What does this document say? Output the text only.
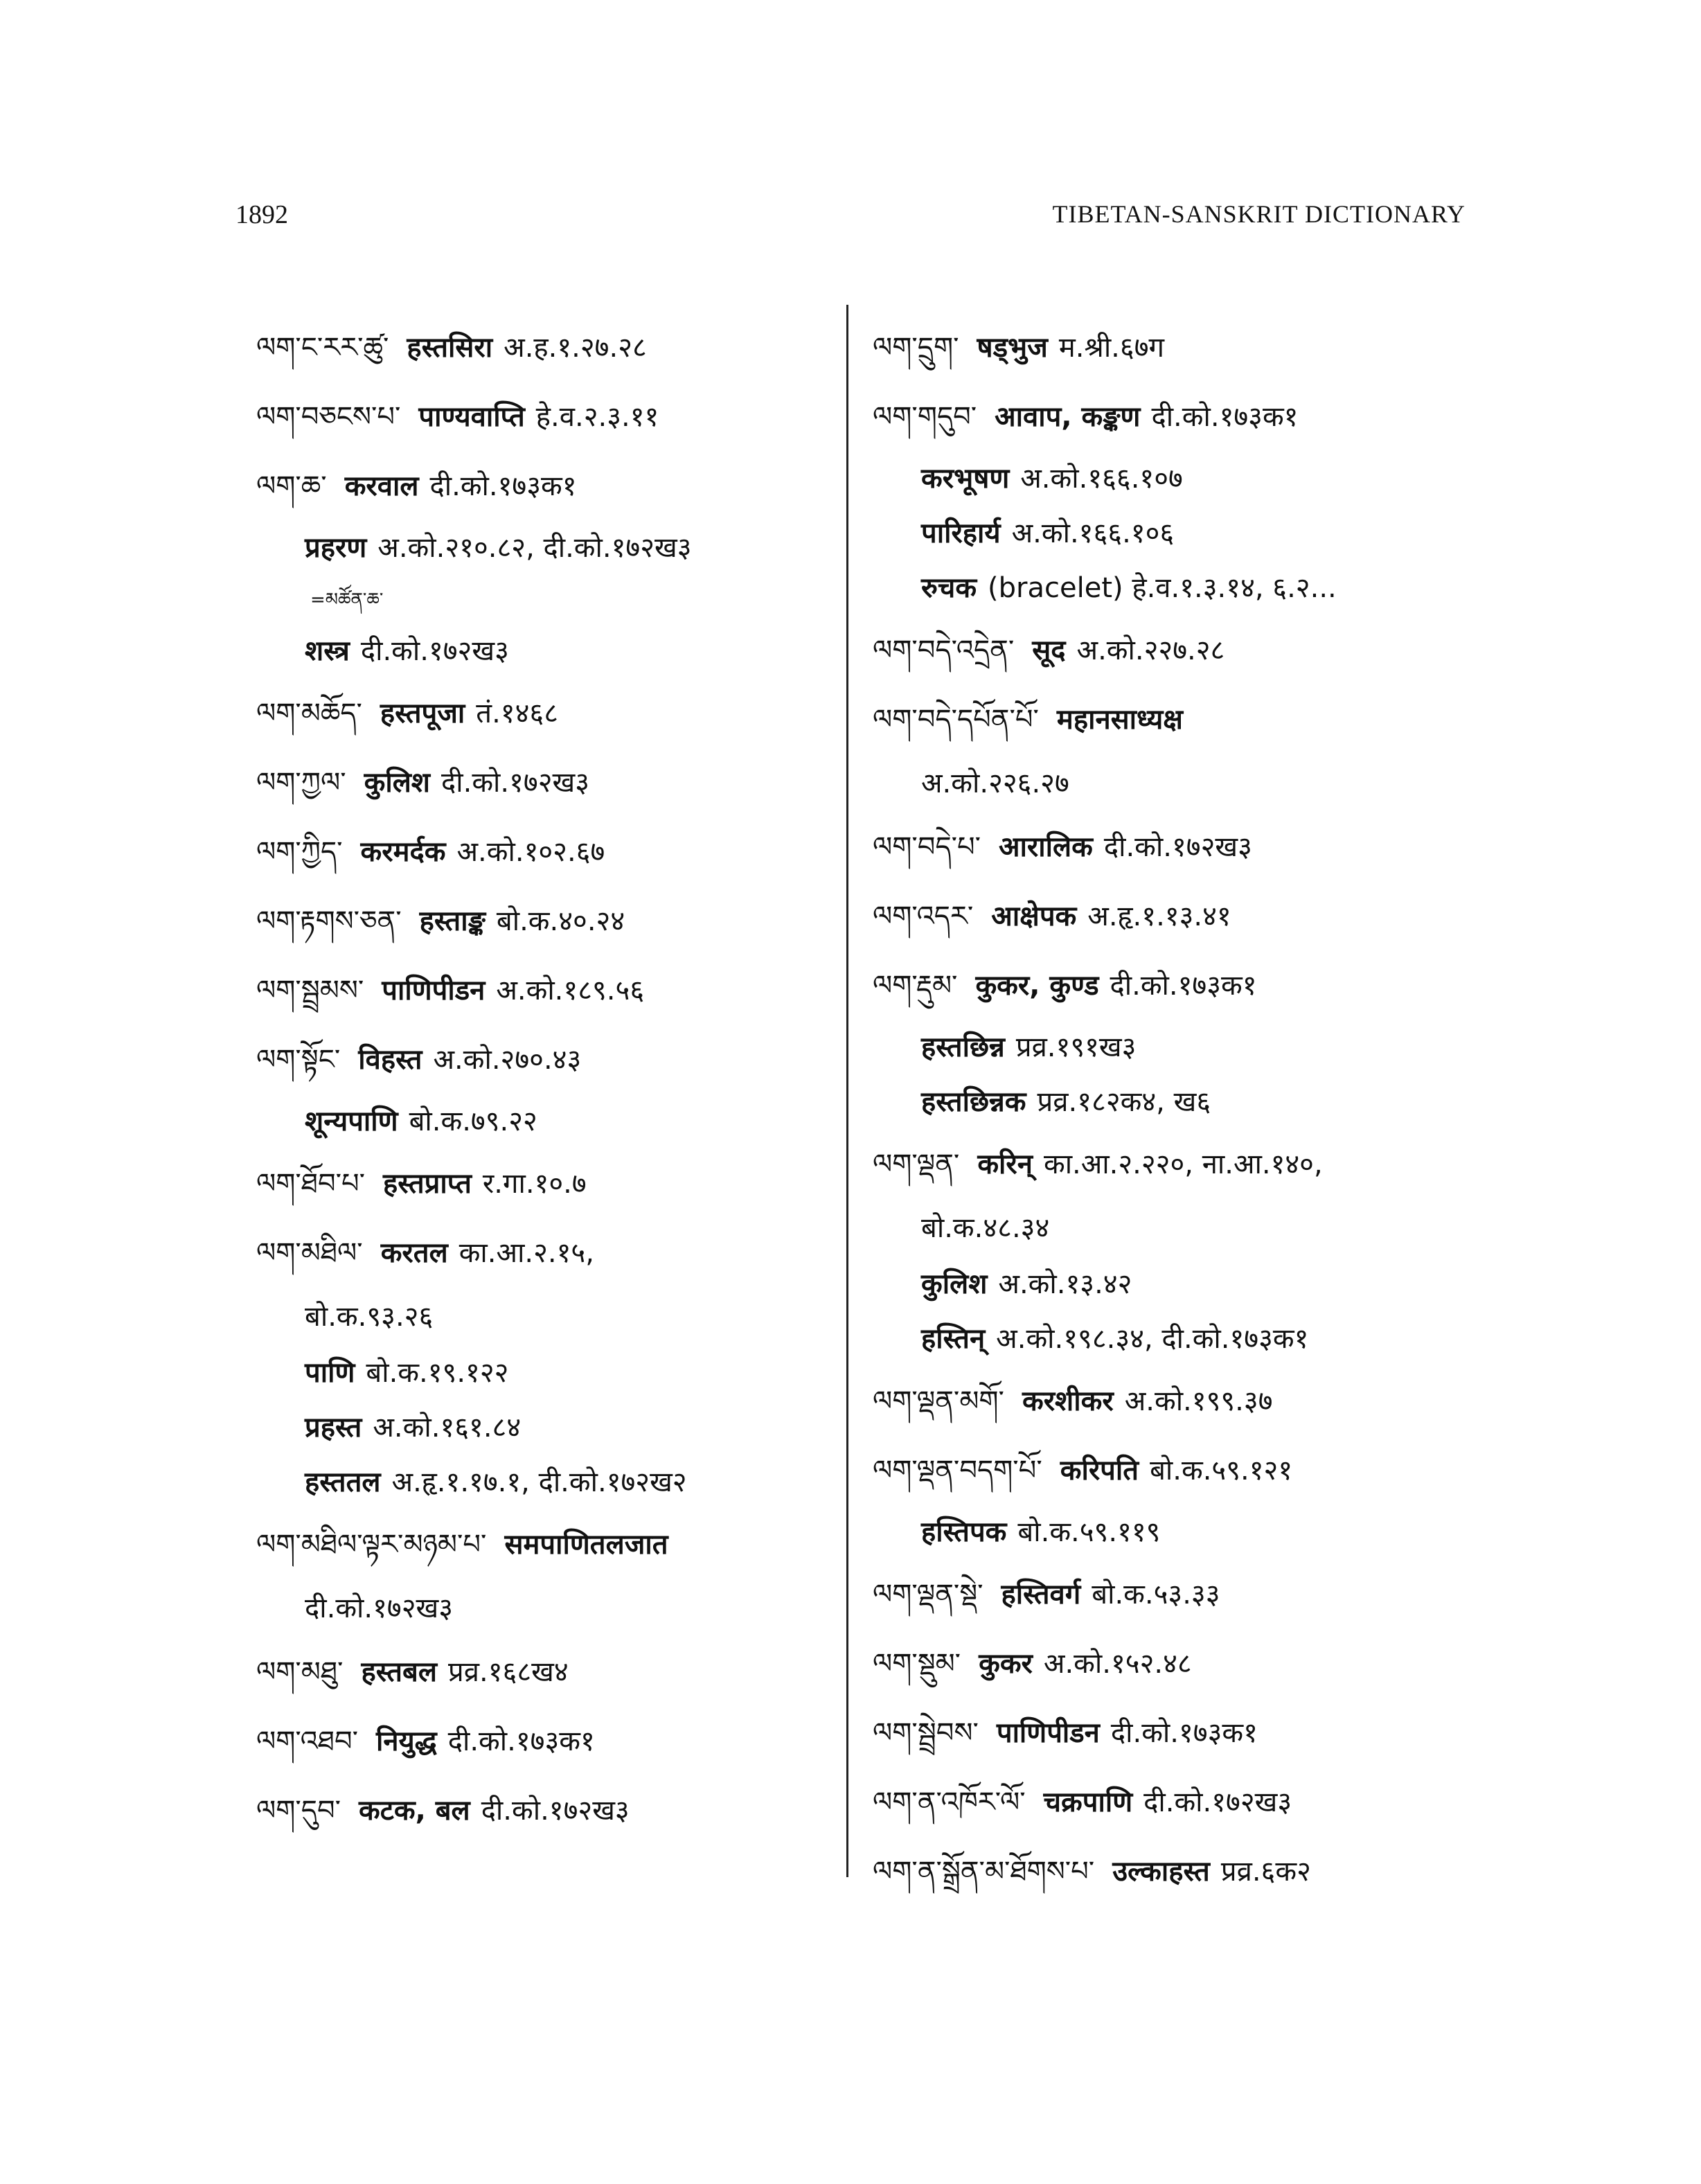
1892	TIBETAN-SANSKRIT DICTIONARY
ལག་ང་རར་ཚུ་ हस्तसिरा अ.ह.१.२७.२८
ལག་བཅངས་པ་ पाण्यवाप्ति हे.व.२.३.११
ལག་ཆ་ करवाल दी.को.१७३क१
प्रहरण अ.को.२१०.८२, दी.को.१७२ख३
=མཚོན་ཆ་
शस्त्र दी.को.१७२ख३
ལག་མཆོད་ हस्तपूजा तं.१४६८
ལག་ཀྱལ་ कुलिश दी.को.१७२ख३
ལག་ཀྱིད་ करमर्दक अ.को.१०२.६७
ལག་རྟགས་ཅན་ हस्ताङ्क बो.क.४०.२४
ལག་སྦྲམས་ पाणिपीडन अ.को.१८९.५६
ལག་སྟོང་ विहस्त अ.को.२७०.४३
शून्यपाणि बो.क.७९.२२
ལག་ཐོབ་པ་ हस्तप्राप्त र.गा.१०.७
ལག་མཐིལ་ करतल का.आ.२.१५,
बो.क.९३.२६
पाणि बो.क.१९.१२२
प्रहस्त अ.को.१६१.८४
हस्ततल अ.हृ.१.१७.१, दी.को.१७२ख२
ལག་མཐིལ་ལྟར་མཉམ་པ་ समपाणितलजात
दी.को.१७२ख३
ལག་མཐུ་ हस्तबल प्रव्र.१६८ख४
ལག་འཐབ་ नियुद्ध दी.को.१७३क१
ལག་དུབ་ कटक, बल दी.को.१७२ख३
ལག་དྲུག་ षड्भुज म.श्री.६७ग
ལག་གདུབ་ आवाप, कङ्कण दी.को.१७३क१
करभूषण अ.को.१६६.१०७
पारिहार्य अ.को.१६६.१०६
रुचक (bracelet) हे.व.१.३.१४, ६.२...
ལག་བདེ་འདྲེན་ सूद अ.को.२२७.२८
ལག་བདེ་དཔོན་པོ་ महानसाध्यक्ष
अ.को.२२६.२७
ལག་བདེ་པ་ आरालिक दी.को.१७२ख३
ལག་འདར་ आक्षेपक अ.हृ.१.१३.४१
ལག་རྡུམ་ कुकर, कुण्ड दी.को.१७३क१
हस्तछिन्न प्रव्र.१९१ख३
हस्तछिन्नक प्रव्र.१८२क४, ख६
ལག་ལྡན་ करिन् का.आ.२.२२०, ना.आ.१४०,
बो.क.४८.३४
कुलिश अ.को.१३.४२
हस्तिन् अ.को.१९८.३४, दी.को.१७३क१
ལག་ལྡན་མགོ་ करशीकर अ.को.१९९.३७
ལག་ལྡན་བདག་པོ་ करिपति बो.क.५९.१२१
हस्तिपक बो.क.५९.११९
ལག་ལྡན་སྡེ་ हस्तिवर्ग बो.क.५३.३३
ལག་སྡུམ་ कुकर अ.को.१५२.४८
ལག་སྦྲེབས་ पाणिपीडन दी.को.१७३क१
ལག་ན་འཁོར་ལོ་ चक्रपाणि दी.को.१७२ख३
ལག་ན་སྒྲོན་མ་ཐོགས་པ་ उल्काहस्त प्रव्र.६क२
